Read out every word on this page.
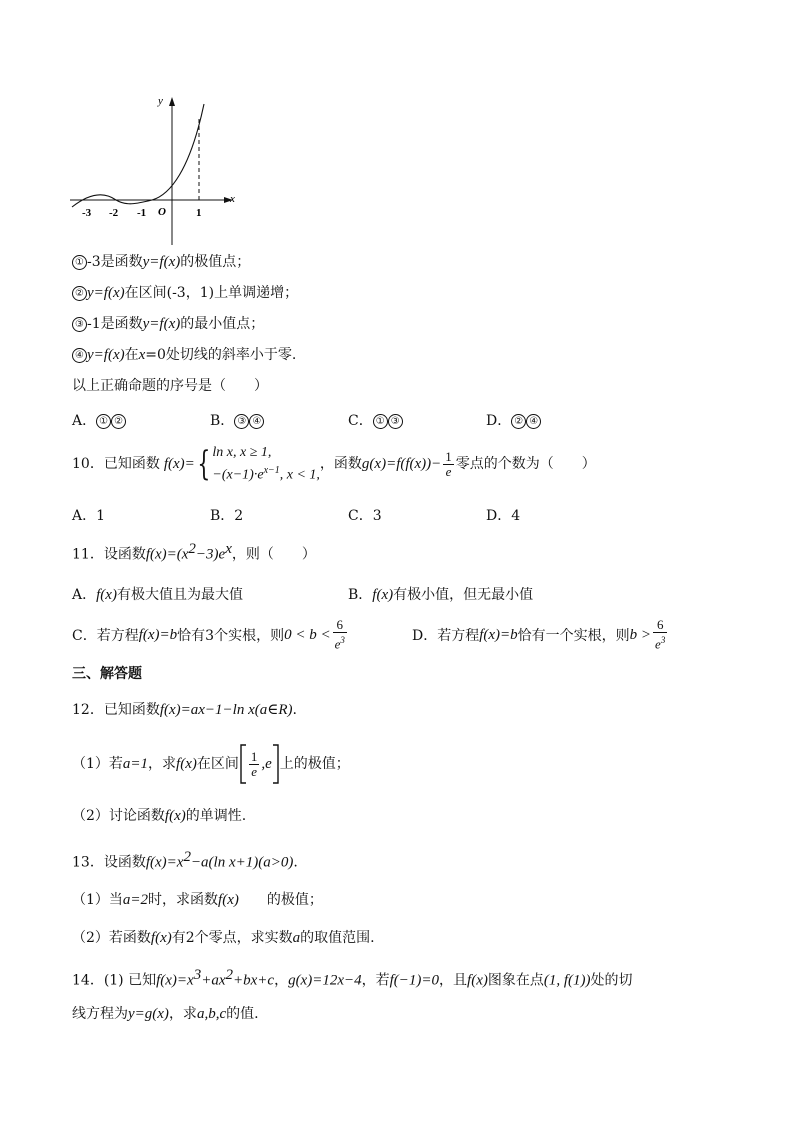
y
x
O
-3 -2 -1	1
① -3是函数y=f(x)的极值点；
② y=f(x)在区间(-3，1)上单调递增；
③ -1是函数y=f(x)的最小值点；
④ y=f(x)在x=0处切线的斜率小于零.
以上正确命题的序号是（　　）
A． ① ②	B． ③ ④	C． ① ③	D． ② ④
10．已知函数 f(x)= { ln x, x ≥ 1,
$-(x-1)\cdot e^{x-1}$, x < 1,
，函数 $g(x)=f(f(x))- \frac{1}{e}$ 零点的个数为（　　）
A．1	B．2	C．3	D．4
11．设函数$f(x)=(x^2-3)e^x$，则（　　）
A．f(x)有极大值且为最大值	B．f(x)有极小值，但无最小值
C．若方程 f(x)=b 恰有3个实根，则 $0 < b < \frac{6}{e^3}$	D．若方程 f(x)=b 恰有一个实根，则 $b > \frac{6}{e^3}$
三、解答题
12．已知函数f(x)=ax−1−ln x(a∈R).
（1）若 a=1 ，求 f(x) 在区间 $\frac{1}{e} ,e$ 上的极值；
（2）讨论函数f(x)的单调性.
13．设函数$f(x)=x^2-a(\ln$ x+1)(a>0).
（1）当a=2时，求函数f(x) 的极值；
（2）若函数f(x)有2个零点，求实数a的取值范围.
14．(1) 已知$f(x)=x^3+ax^2+bx+c$，g(x)=12x−4，若f(−1)=0，且f(x)图象在点(1, f(1))处的切
线方程为y=g(x)，求a,b,c的值.
